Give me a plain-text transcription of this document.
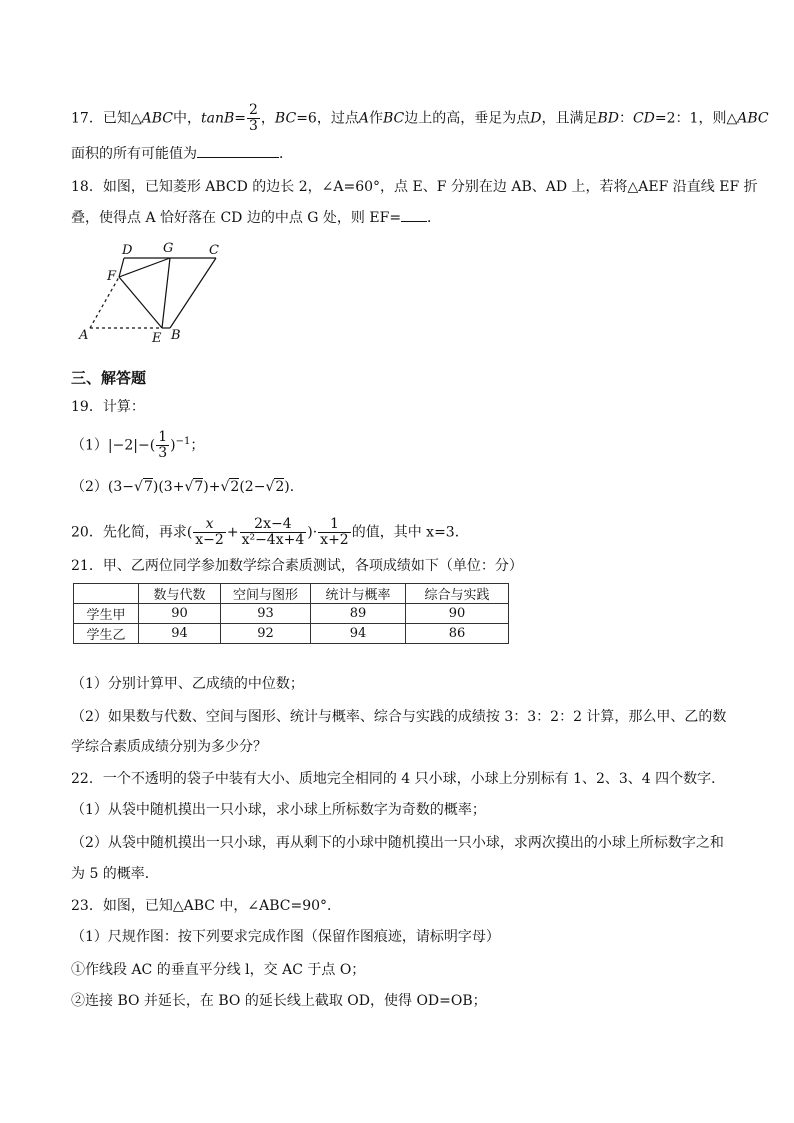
17．已知△ABC中，$\tan B= \frac{2}{3}$ ，BC=6，过点A作BC边上的高，垂足为点D，且满足BD：CD=2：1，则△ABC
面积的所有可能值为	．
18．如图，已知菱形 ABCD 的边长 2，∠A=60°，点 E、F 分别在边 AB、AD 上，若将△AEF 沿直线 EF 折
叠，使得点 A 恰好落在 CD 边的中点 G 处，则 EF= ．
D G	C
F
A	E B
三、解答题
19．计算：
$(1)|-2|-( \frac{1}{3} )^{-1}$；
（2）(3−√7)(3+√7)+√2(2−√2)．
20．先化简，再求( $\frac{x}{x-2} + \frac{2x-4}{\text{x²−4x+4}}$ )· $\frac{1}{x+2}$ 的值，其中 x=3．
21．甲、乙两位同学参加数学综合素质测试，各项成绩如下（单位：分）
	数与代数	空间与图形	统计与概率	综合与实践
学生甲	90	93	89	90
学生乙	94	92	94	86
（1）分别计算甲、乙成绩的中位数；
（2）如果数与代数、空间与图形、统计与概率、综合与实践的成绩按 3：3：2：2 计算，那么甲、乙的数
学综合素质成绩分别为多少分？
22．一个不透明的袋子中装有大小、质地完全相同的 4 只小球，小球上分别标有 1、2、3、4 四个数字．
（1）从袋中随机摸出一只小球，求小球上所标数字为奇数的概率；
（2）从袋中随机摸出一只小球，再从剩下的小球中随机摸出一只小球，求两次摸出的小球上所标数字之和
为 5 的概率．
23．如图，已知△ABC 中，∠ABC=90°．
（1）尺规作图：按下列要求完成作图（保留作图痕迹，请标明字母）
①作线段 AC 的垂直平分线 l，交 AC 于点 O；
②连接 BO 并延长，在 BO 的延长线上截取 OD，使得 OD=OB；
